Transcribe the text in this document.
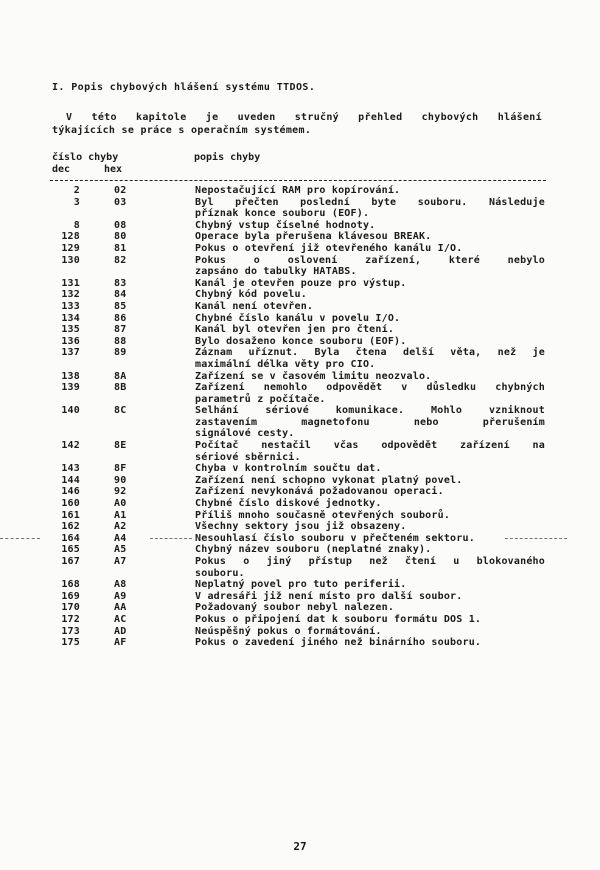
I. Popis chybových hlášení systému TTDOS.
V této kapitole je uveden stručný přehled chybových hlášení
týkajících se práce s operačním systémem.
číslo chyby
dec	hex
popis chyby
2	02	Nepostačující RAM pro kopírování.
3	03	Byl přečten poslední byte souboru. Následuje
příznak konce souboru (EOF).
8	08	Chybný vstup číselné hodnoty.
128	80	Operace byla přerušena klávesou BREAK.
129	81	Pokus o otevření již otevřeného kanálu I/O.
130	82	Pokus	o	oslovení	zařízení,	které	nebylo
zapsáno do tabulky HATABS.
131	83	Kanál je otevřen pouze pro výstup.
132	84	Chybný kód povelu.
133	85	Kanál není otevřen.
134	86	Chybné číslo kanálu v povelu I/O.
135	87	Kanál byl otevřen jen pro čtení.
136	88	Bylo dosaženo konce souboru (EOF).
137	89	Záznam uříznut. Byla čtena delší věta, než je
maximální délka věty pro CIO.
138	8A	Zařízení se v časovém limitu neozvalo.
139	8B	Zařízení nemohlo odpovědět v důsledku chybných
parametrů z počítače.
140	8C	Selhání	sériové	komunikace.	Mohlo	vzniknout
zastavením	magnetofonu	nebo	přerušením
signálové cesty.
142	8E	Počítač nestačil včas odpovědět zařízení na
sériové sběrnici.
143	8F	Chyba v kontrolním součtu dat.
144	90	Zařízení není schopno vykonat platný povel.
146	92	Zařízení nevykonává požadovanou operaci.
160	A0	Chybné číslo diskové jednotky.
161	A1	Příliš mnoho současně otevřených souborů.
162	A2	Všechny sektory jsou již obsazeny.
164	A4	Nesouhlasí číslo souboru v přečteném sektoru.
165	A5	Chybný název souboru (neplatné znaky).
167	A7	Pokus o jiný přístup než čtení u blokovaného
souboru.
168	A8	Neplatný povel pro tuto periferii.
169	A9	V adresáři již není místo pro další soubor.
170	AA	Požadovaný soubor nebyl nalezen.
172	AC	Pokus o připojení dat k souboru formátu DOS 1.
173	AD	Neúspěšný pokus o formátování.
175	AF	Pokus o zavedení jiného než binárního souboru.
27
